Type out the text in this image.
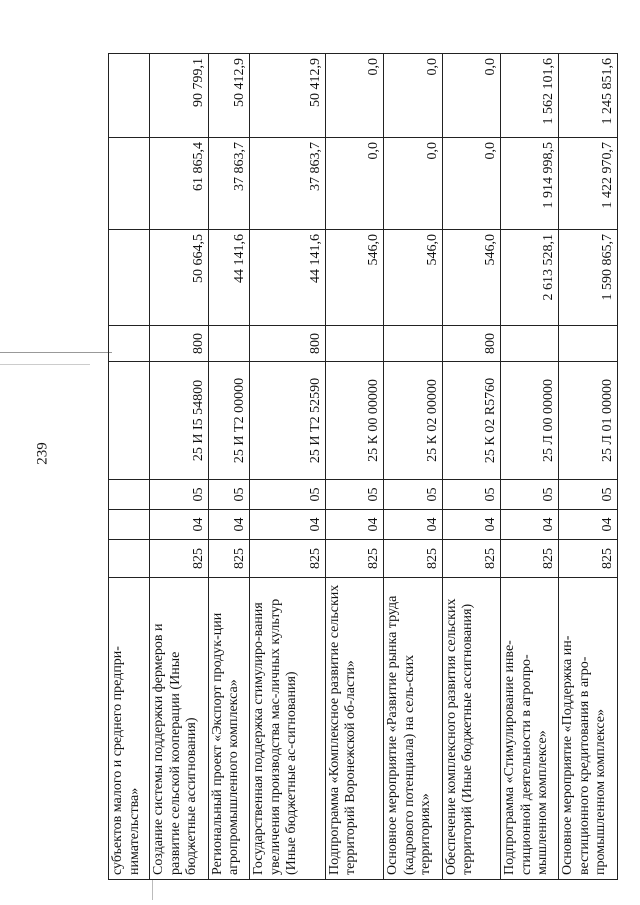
239
субъектов малого и среднего предпри-нимательства»								
Создание системы поддержки фермеров и развитие сельской кооперации (Иные бюджетные ассигнования)	825	04	05	25 И I5 54800	800	50 664,5	61 865,4	90 799,1
Региональный проект «Экспорт продук-ции агропромышленного комплекса»	825	04	05	25 И Т2 00000		44 141,6	37 863,7	50 412,9
Государственная поддержка стимулиро-вания увеличения производства мас-личных культур (Иные бюджетные ас-сигнования)	825	04	05	25 И Т2 52590	800	44 141,6	37 863,7	50 412,9
Подпрограмма «Комплексное развитие сельских территорий Воронежской об-ласти»	825	04	05	25 К 00 00000		546,0	0,0	0,0
Основное мероприятие «Развитие рынка труда (кадрового потенциала) на сель-ских территориях»	825	04	05	25 К 02 00000		546,0	0,0	0,0
Обеспечение комплексного развития сельских территорий (Иные бюджетные ассигнования)	825	04	05	25 К 02 R5760	800	546,0	0,0	0,0
Подпрограмма «Стимулирование инве-стиционной деятельности в агропро-мышленном комплексе»	825	04	05	25 Л 00 00000		2 613 528,1	1 914 998,5	1 562 101,6
Основное мероприятие «Поддержка ин-вестиционного кредитования в агро-промышленном комплексе»	825	04	05	25 Л 01 00000		1 590 865,7	1 422 970,7	1 245 851,6
